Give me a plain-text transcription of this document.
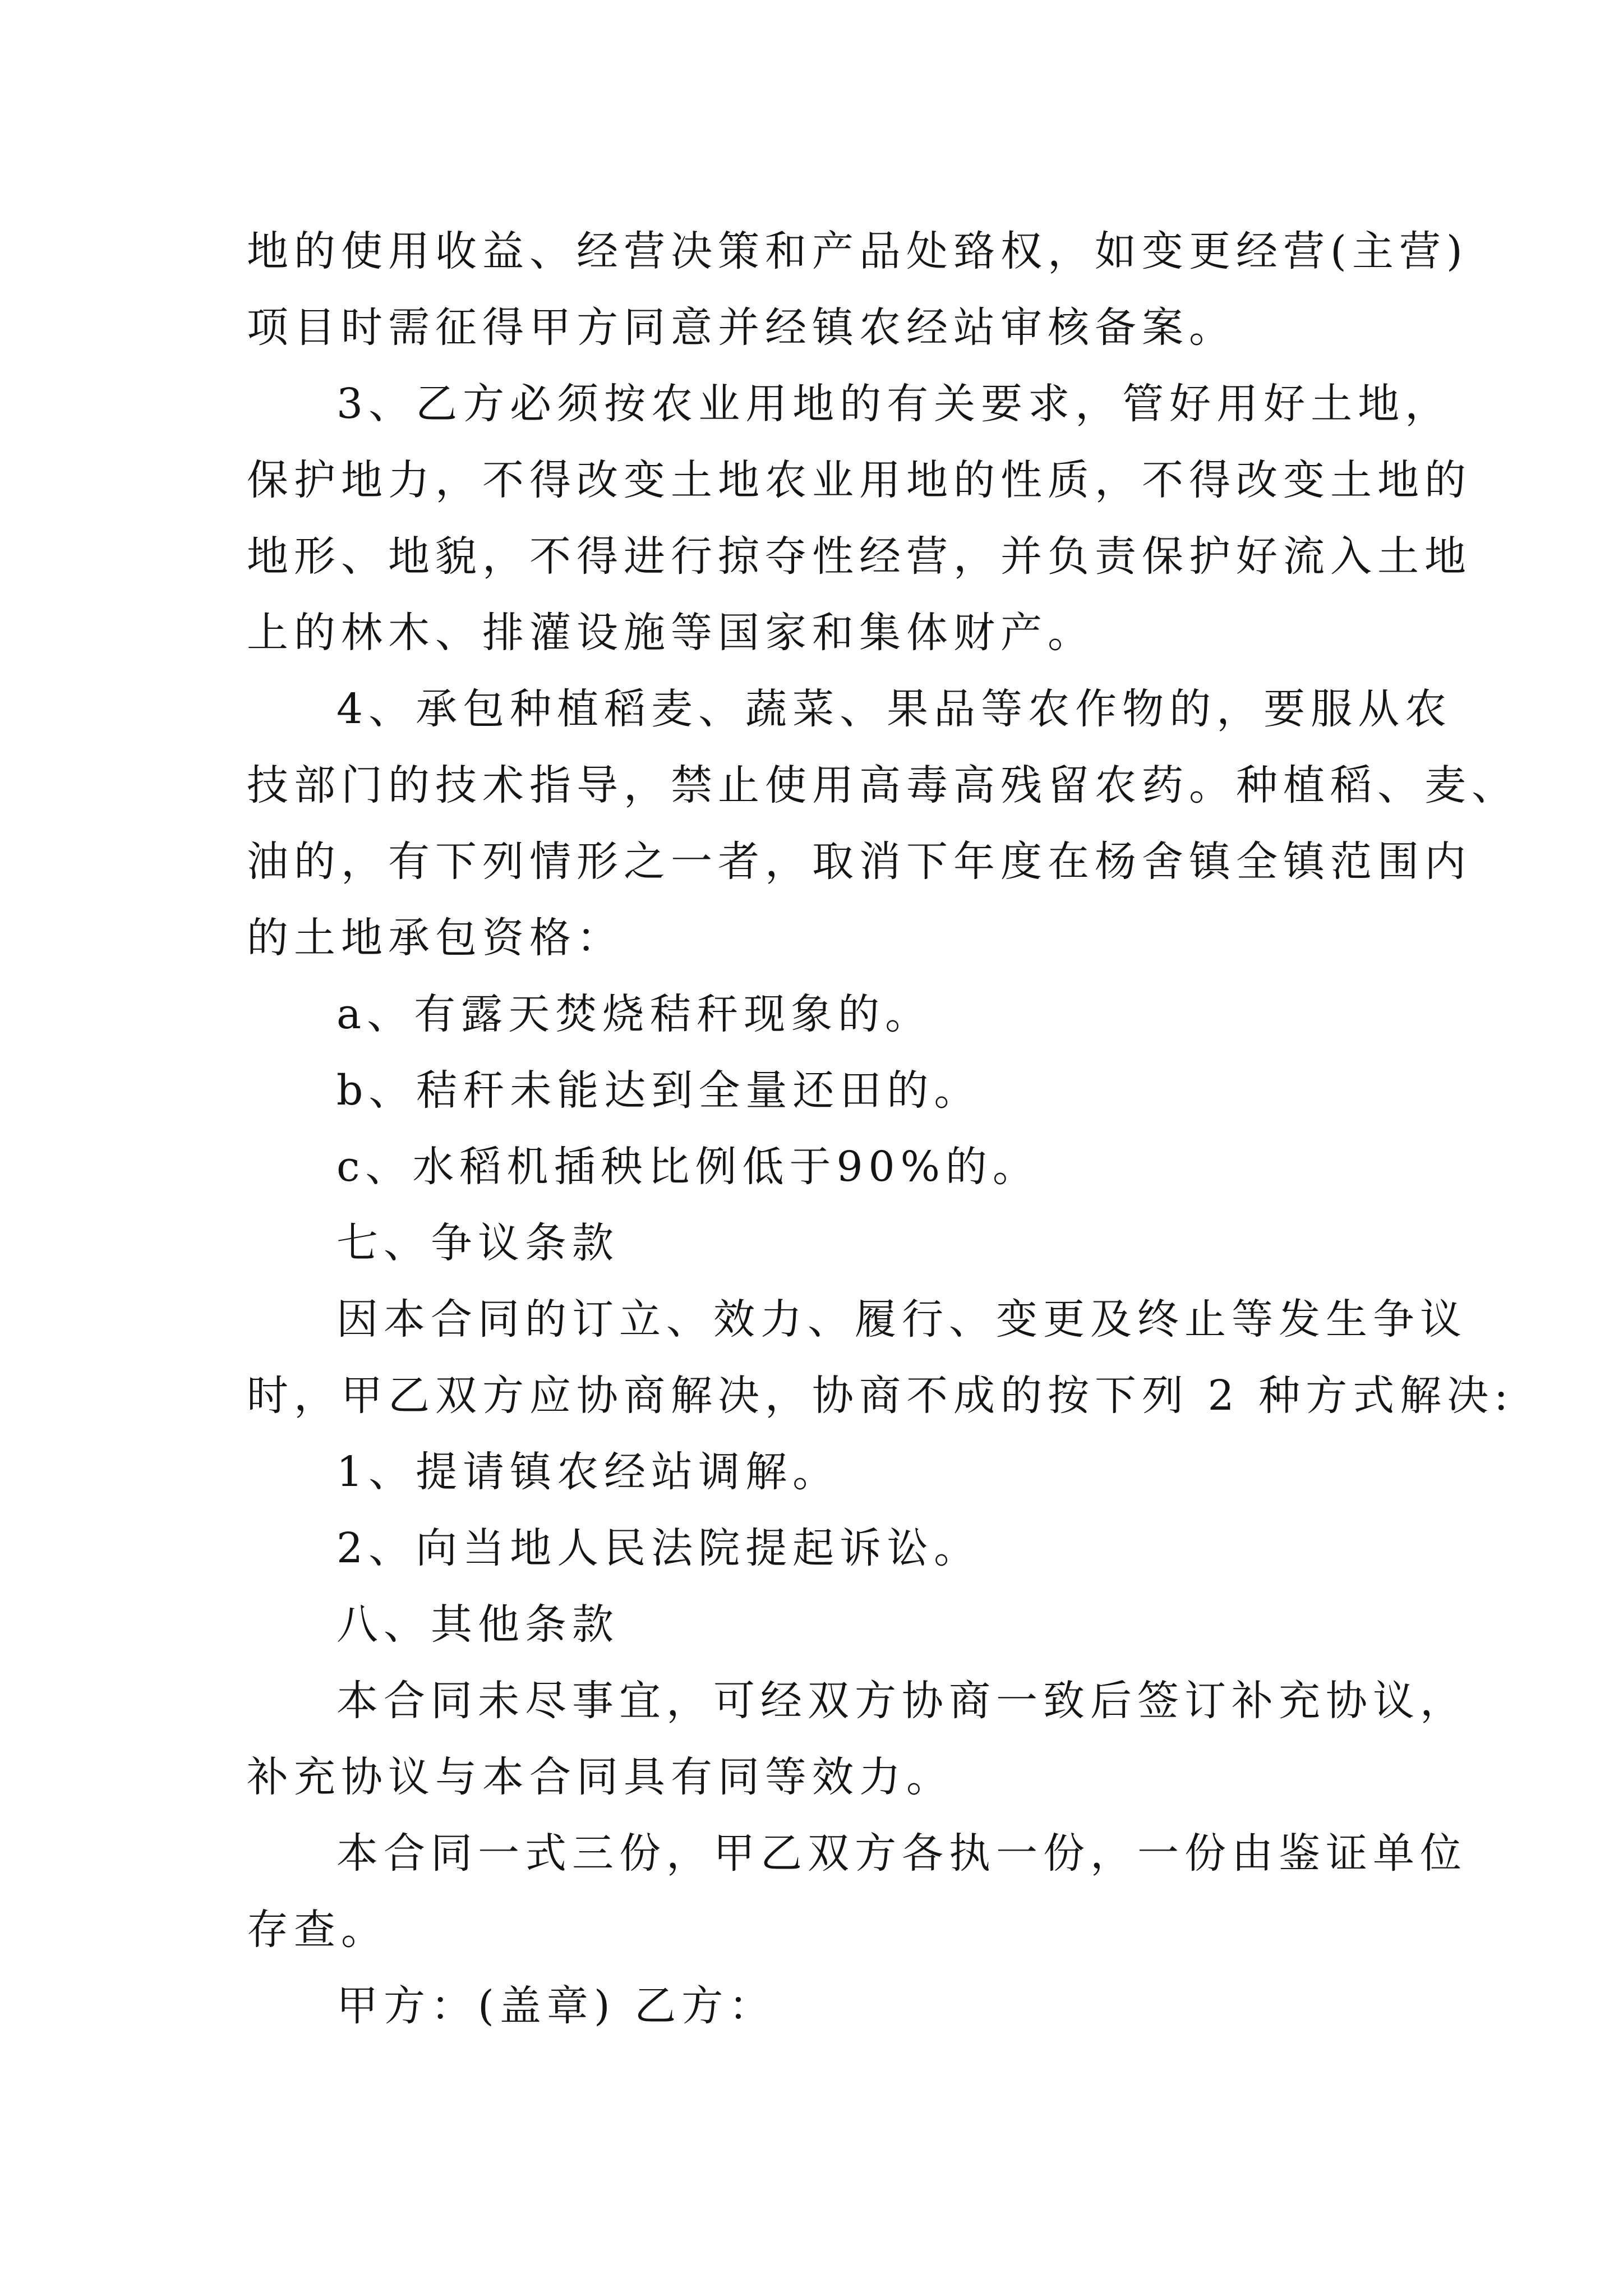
地的使用收益、经营决策和产品处臵权，如变更经营(主营)
项目时需征得甲方同意并经镇农经站审核备案。
3、乙方必须按农业用地的有关要求，管好用好土地，
保护地力，不得改变土地农业用地的性质，不得改变土地的
地形、地貌，不得进行掠夺性经营，并负责保护好流入土地
上的林木、排灌设施等国家和集体财产。
4、承包种植稻麦、蔬菜、果品等农作物的，要服从农
技部门的技术指导，禁止使用高毒高残留农药。种植稻、麦、
油的，有下列情形之一者，取消下年度在杨舍镇全镇范围内
的土地承包资格：
a、有露天焚烧秸秆现象的。
b、秸秆未能达到全量还田的。
c、水稻机插秧比例低于90%的。
七、争议条款
因本合同的订立、效力、履行、变更及终止等发生争议
时，甲乙双方应协商解决，协商不成的按下列 2 种方式解决:
1、提请镇农经站调解。
2、向当地人民法院提起诉讼。
八、其他条款
本合同未尽事宜，可经双方协商一致后签订补充协议，
补充协议与本合同具有同等效力。
本合同一式三份，甲乙双方各执一份，一份由鉴证单位
存查。
甲方：(盖章) 乙方：
